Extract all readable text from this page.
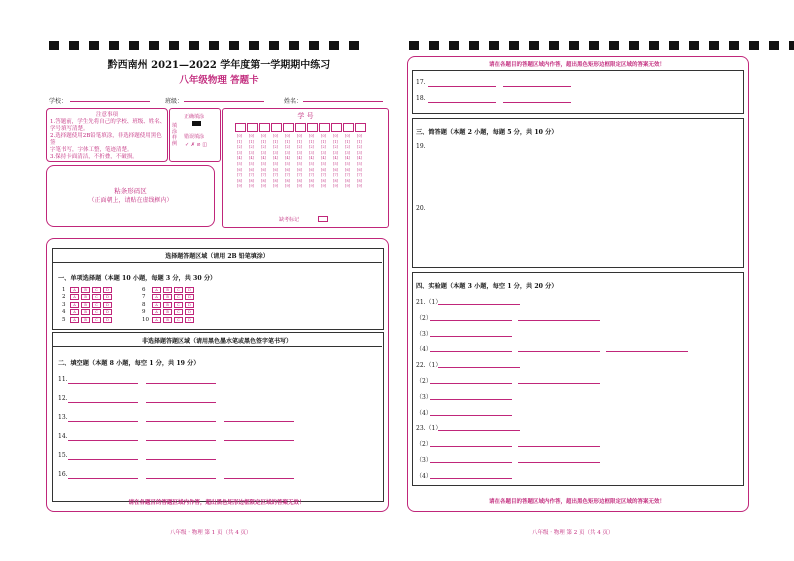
黔西南州 2021—2022 学年度第一学期期中练习
八年级物理 答题卡
学校：	班级：	姓名：
注意事项
1.答题前，学生先将自己的学校、班级、姓名、
学号填写清楚。
2.选择题使用2B铅笔填涂，非选择题使用黑色签
字笔书写，字体工整，笔迹清楚。
3.保持卡面清洁，不折叠，不破损。
填涂样例
正确填涂
错误填涂
✓ ✗ ⊘ ◫
学 号
[0]	[0]	[0]	[0]	[0]	[0]	[0]	[0]	[0]	[0]	[0]
[1]	[1]	[1]	[1]	[1]	[1]	[1]	[1]	[1]	[1]	[1]
[2]	[2]	[2]	[2]	[2]	[2]	[2]	[2]	[2]	[2]	[2]
[3]	[3]	[3]	[3]	[3]	[3]	[3]	[3]	[3]	[3]	[3]
[4]	[4]	[4]	[4]	[4]	[4]	[4]	[4]	[4]	[4]	[4]
[5]	[5]	[5]	[5]	[5]	[5]	[5]	[5]	[5]	[5]	[5]
[6]	[6]	[6]	[6]	[6]	[6]	[6]	[6]	[6]	[6]	[6]
[7]	[7]	[7]	[7]	[7]	[7]	[7]	[7]	[7]	[7]	[7]
[8]	[8]	[8]	[8]	[8]	[8]	[8]	[8]	[8]	[8]	[8]
[9]	[9]	[9]	[9]	[9]	[9]	[9]	[9]	[9]	[9]	[9]
缺考标记
粘条形码区
（正面朝上，请贴在虚线框内）
选择题答题区域（请用 2B 铅笔填涂）
一、单项选择题（本题 10 小题，每题 3 分，共 30 分）
1	A	B	C	D	6	A	B	C	D
2	A	B	C	D	7	A	B	C	D
3	A	B	C	D	8	A	B	C	D
4	A	B	C	D	9	A	B	C	D
5	A	B	C	D	10	A	B	C	D
非选择题答题区域（请用黑色墨水笔或黑色签字笔书写）
二、填空题（本题 8 小题，每空 1 分，共 19 分）
11.
12.
13.
14.
15.
16.
请在各题目的答题区域内作答，超出黑色矩形边框限定区域的答案无效！
八年级 · 物理 第 1 页（共 4 页）
请在各题目的答题区域内作答，超出黑色矩形边框限定区域的答案无效！
17.
18.
三、简答题（本题 2 小题，每题 5 分，共 10 分）
19.
20.
四、实验题（本题 3 小题，每空 1 分，共 20 分）
21.（1）
（2）
（3）
（4）
22.（1）
（2）
（3）
（4）
23.（1）
（2）
（3）
（4）
请在各题目的答题区域内作答，超出黑色矩形边框限定区域的答案无效！
八年级 · 物理 第 2 页（共 4 页）
